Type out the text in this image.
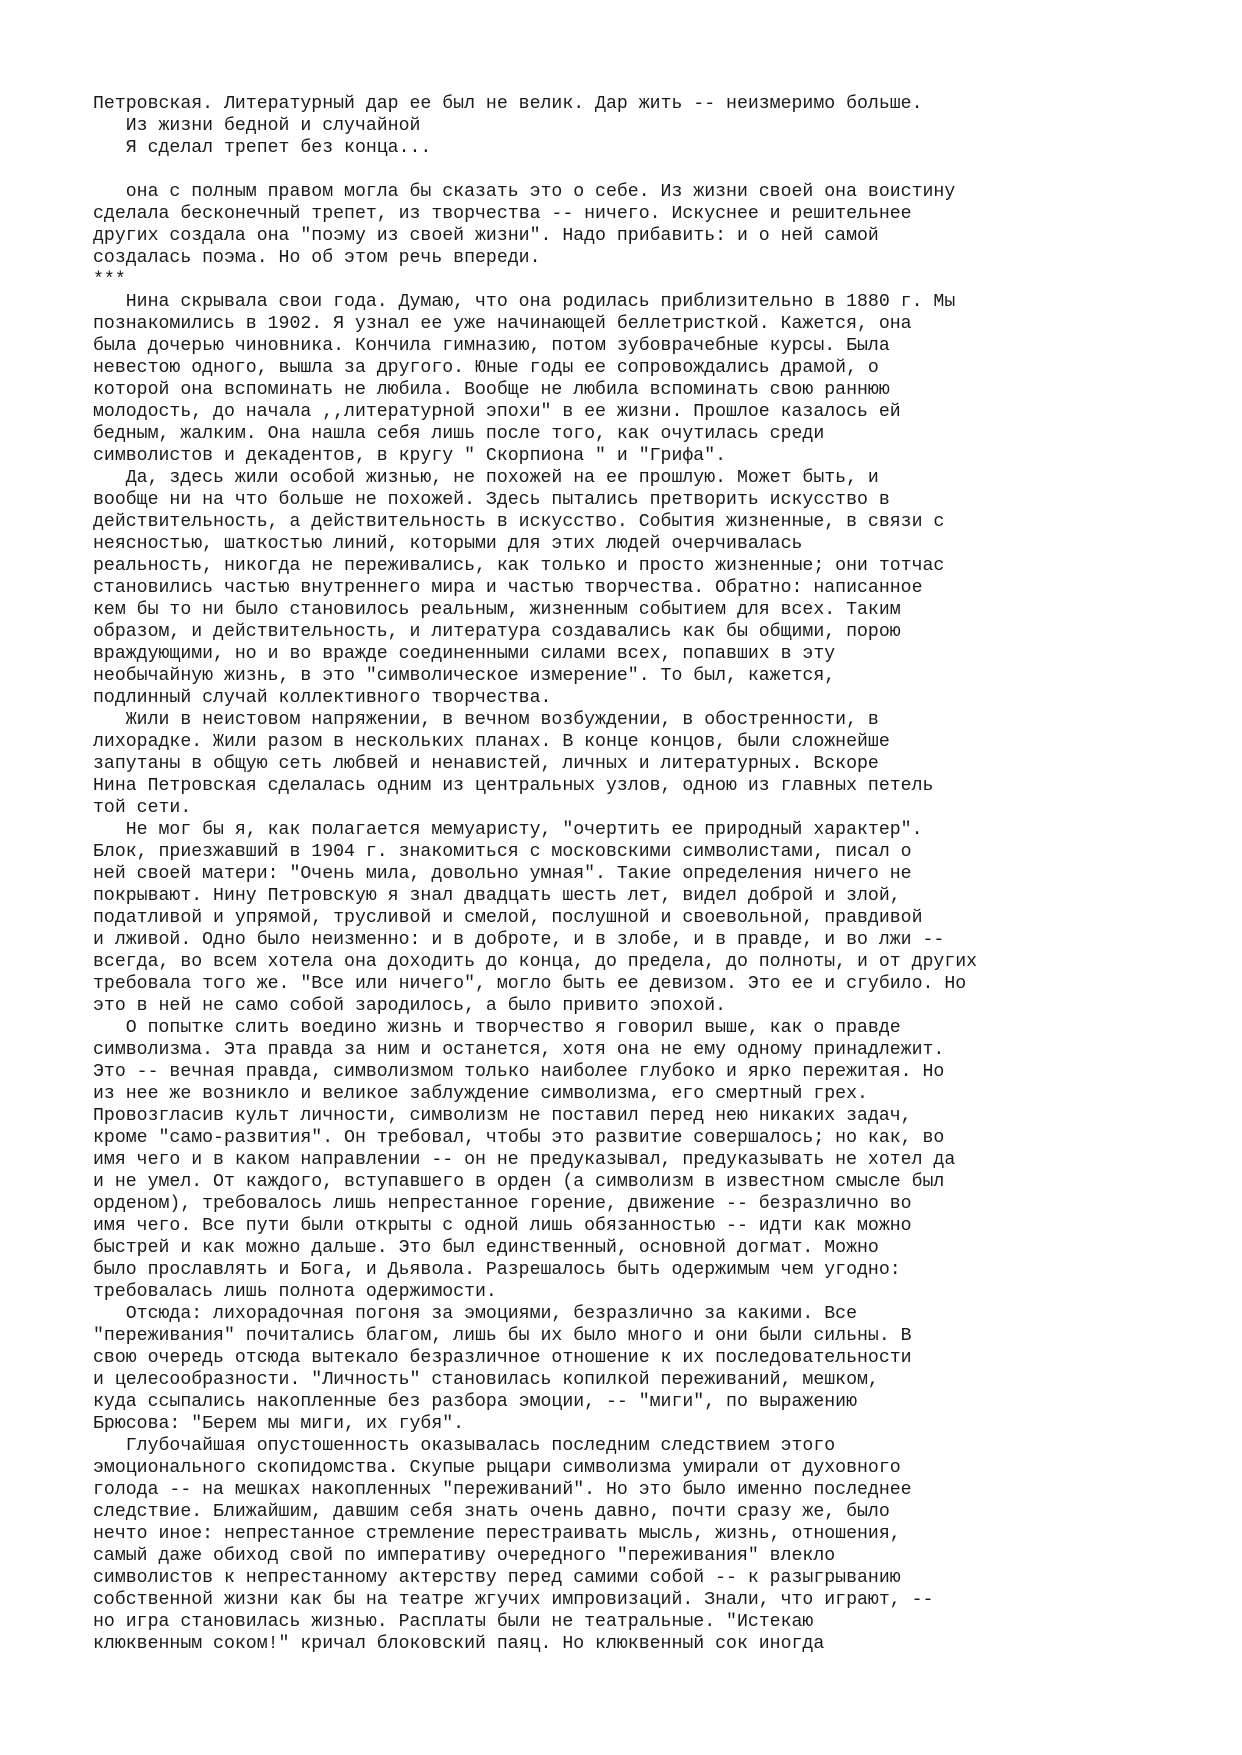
Петровская. Литературный дар ее был не велик. Дар жить -- неизмеримо больше.
Из жизни бедной и случайной
Я сделал трепет без конца...
она с полным правом могла бы сказать это о себе. Из жизни своей она воистину
сделала бесконечный трепет, из творчества -- ничего. Искуснее и решительнее
других создала она "поэму из своей жизни". Надо прибавить: и о ней самой
создалась поэма. Но об этом речь впереди.
***
Нина скрывала свои года. Думаю, что она родилась приблизительно в 1880 г. Мы
познакомились в 1902. Я узнал ее уже начинающей беллетристкой. Кажется, она
была дочерью чиновника. Кончила гимназию, потом зубоврачебные курсы. Была
невестою одного, вышла за другого. Юные годы ее сопровождались драмой, о
которой она вспоминать не любила. Вообще не любила вспоминать свою раннюю
молодость, до начала ,,литературной эпохи" в ее жизни. Прошлое казалось ей
бедным, жалким. Она нашла себя лишь после того, как очутилась среди
символистов и декадентов, в кругу " Скорпиона " и "Грифа".
Да, здесь жили особой жизнью, не похожей на ее прошлую. Может быть, и
вообще ни на что больше не похожей. Здесь пытались претворить искусство в
действительность, а действительность в искусство. События жизненные, в связи с
неясностью, шаткостью линий, которыми для этих людей очерчивалась
реальность, никогда не переживались, как только и просто жизненные; они тотчас
становились частью внутреннего мира и частью творчества. Обратно: написанное
кем бы то ни было становилось реальным, жизненным событием для всех. Таким
образом, и действительность, и литература создавались как бы общими, порою
враждующими, но и во вражде соединенными силами всех, попавших в эту
необычайную жизнь, в это "символическое измерение". То был, кажется,
подлинный случай коллективного творчества.
Жили в неистовом напряжении, в вечном возбуждении, в обостренности, в
лихорадке. Жили разом в нескольких планах. В конце концов, были сложнейше
запутаны в общую сеть любвей и ненавистей, личных и литературных. Вскоре
Нина Петровская сделалась одним из центральных узлов, одною из главных петель
той сети.
Не мог бы я, как полагается мемуаристу, "очертить ее природный характер".
Блок, приезжавший в 1904 г. знакомиться с московскими символистами, писал о
ней своей матери: "Очень мила, довольно умная". Такие определения ничего не
покрывают. Нину Петровскую я знал двадцать шесть лет, видел доброй и злой,
податливой и упрямой, трусливой и смелой, послушной и своевольной, правдивой
и лживой. Одно было неизменно: и в доброте, и в злобе, и в правде, и во лжи --
всегда, во всем хотела она доходить до конца, до предела, до полноты, и от других
требовала того же. "Все или ничего", могло быть ее девизом. Это ее и сгубило. Но
это в ней не само собой зародилось, а было привито эпохой.
О попытке слить воедино жизнь и творчество я говорил выше, как о правде
символизма. Эта правда за ним и останется, хотя она не ему одному принадлежит.
Это -- вечная правда, символизмом только наиболее глубоко и ярко пережитая. Но
из нее же возникло и великое заблуждение символизма, его смертный грех.
Провозгласив культ личности, символизм не поставил перед нею никаких задач,
кроме "само-развития". Он требовал, чтобы это развитие совершалось; но как, во
имя чего и в каком направлении -- он не предуказывал, предуказывать не хотел да
и не умел. От каждого, вступавшего в орден (а символизм в известном смысле был
орденом), требовалось лишь непрестанное горение, движение -- безразлично во
имя чего. Все пути были открыты с одной лишь обязанностью -- идти как можно
быстрей и как можно дальше. Это был единственный, основной догмат. Можно
было прославлять и Бога, и Дьявола. Разрешалось быть одержимым чем угодно:
требовалась лишь полнота одержимости.
Отсюда: лихорадочная погоня за эмоциями, безразлично за какими. Все
"переживания" почитались благом, лишь бы их было много и они были сильны. В
свою очередь отсюда вытекало безразличное отношение к их последовательности
и целесообразности. "Личность" становилась копилкой переживаний, мешком,
куда ссыпались накопленные без разбора эмоции, -- "миги", по выражению
Брюсова: "Берем мы миги, их губя".
Глубочайшая опустошенность оказывалась последним следствием этого
эмоционального скопидомства. Скупые рыцари символизма умирали от духовного
голода -- на мешках накопленных "переживаний". Но это было именно последнее
следствие. Ближайшим, давшим себя знать очень давно, почти сразу же, было
нечто иное: непрестанное стремление перестраивать мысль, жизнь, отношения,
самый даже обиход свой по императиву очередного "переживания" влекло
символистов к непрестанному актерству перед самими собой -- к разыгрыванию
собственной жизни как бы на театре жгучих импровизаций. Знали, что играют, --
но игра становилась жизнью. Расплаты были не театральные. "Истекаю
клюквенным соком!" кричал блоковский паяц. Но клюквенный сок иногда
